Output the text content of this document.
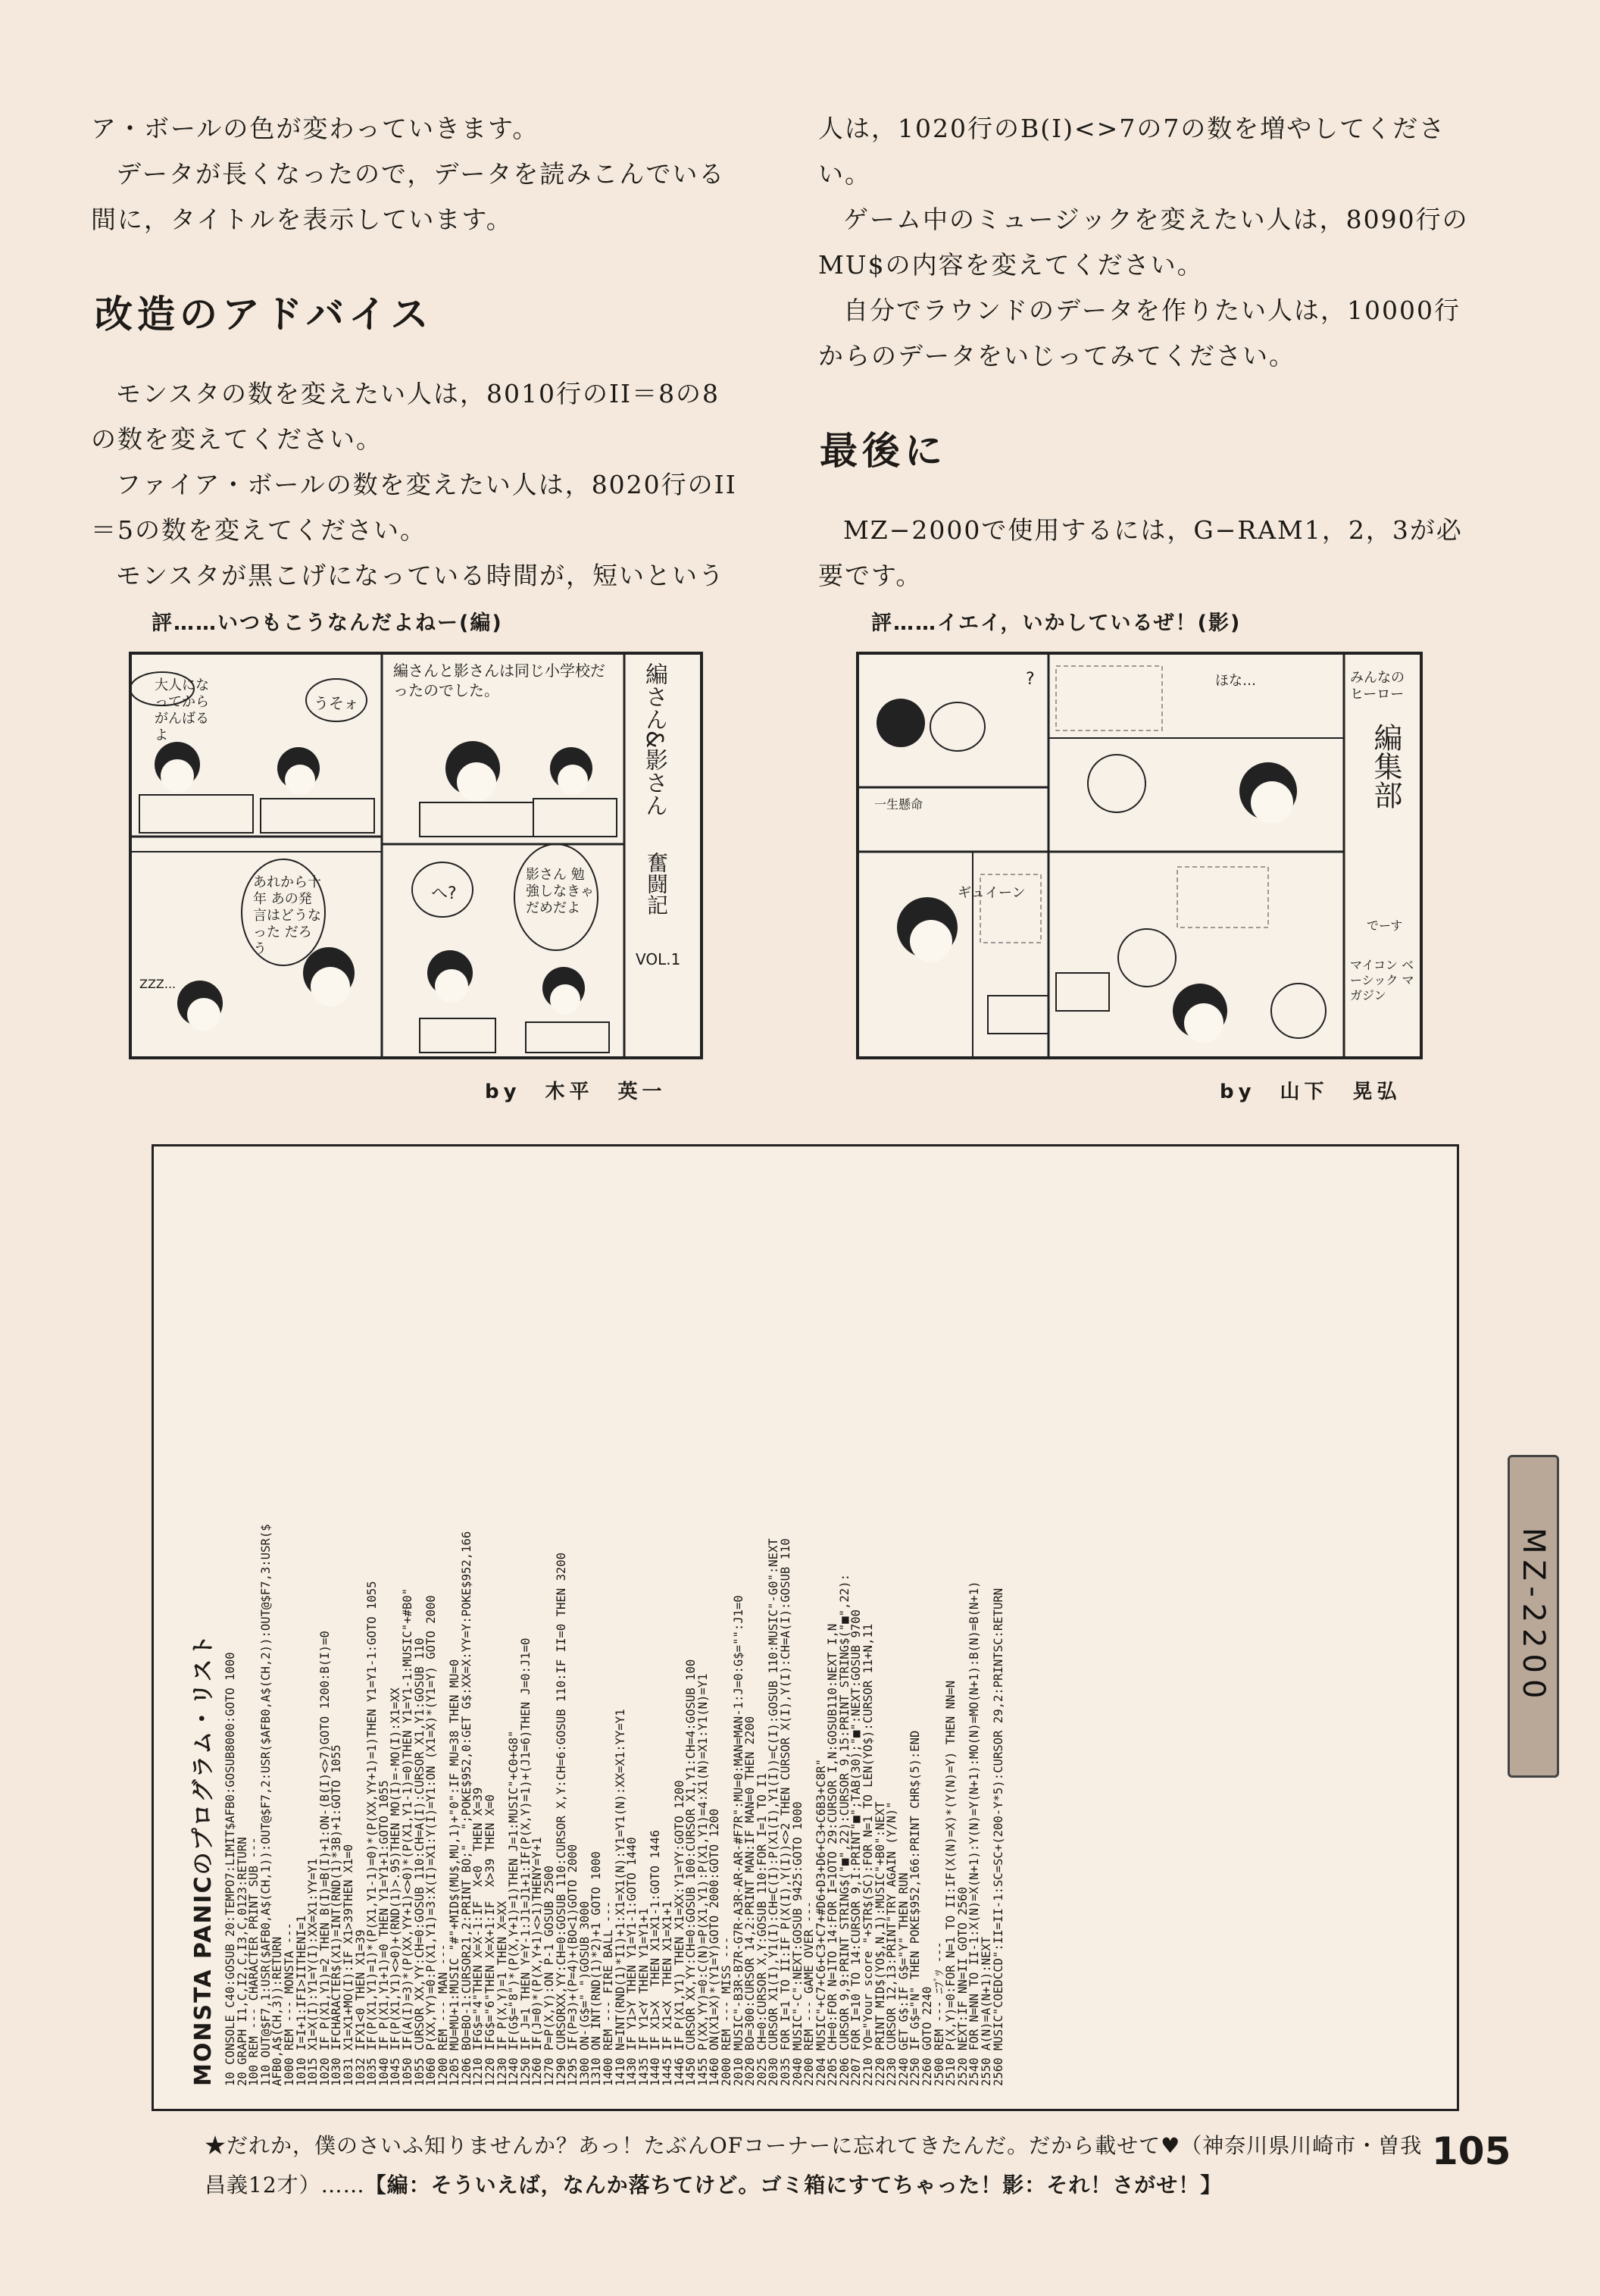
ア・ボールの色が変わっていきます。

データが長くなったので，データを読みこんでいる間に，タイトルを表示しています。

改造のアドバイス

モンスタの数を変えたい人は，8010行のII＝8の8の数を変えてください。

ファイア・ボールの数を変えたい人は，8020行のII＝5の数を変えてください。

モンスタが黒こげになっている時間が，短いという

人は，1020行のB(I)<>7の7の数を増やしてください。

ゲーム中のミュージックを変えたい人は，8090行のMU$の内容を変えてください。

自分でラウンドのデータを作りたい人は，10000行からのデータをいじってみてください。

最後に

MZ−2000で使用するには，G−RAM1，2，3が必要です。

評……いつもこうなんだよねー(編)	評……イエイ，いかしているぜ！(影)
大人になってからがんばるよ
うそォ
編さんと影さんは同じ小学校だったのでした。
あれから十年 あの発言はどうなった だろう
ZZZ...
へ?
影さん 勉強しなきゃ だめだよ
編さん&影さん
奮闘記
VOL.1
by　木平　英一
ほな…
?
一生懸命
ギュイーン
みんなの ヒーロー
編集部
でーす
マイコン ベーシック マガジン
by　山下　晃弘
MONSTA PANICのプログラム・リスト 10 CONSOLE C40:GOSUB 20:TEMPO7:LIMIT$AFB0:GOSUB8000:GOTO 1000
20 GRAPH I1,C,I2,C,I3,C,0123:RETURN
100 REM --- CHARACTER PRINT SUB ---
110 OUT@$F7,1:USR($AFB0,A$(CH,1)):OUT@$F7,2:USR($AFB0,A$(CH,2)):OUT@$F7,3:USR($
AFB0,A$(CH,3)):RETURN
1000 REM --- MONSTA ---
1010 I=I+1:IFI>IITHENI=1
1015 X1=X(I):Y1=Y(I):XX=X1:YY=Y1
1020 IF P(X1,Y1)=2 THEN B(I)=B(I)+1:ON-(B(I)<>7)GOTO 1200:B(I)=0
1030 IFCHARACTER$(X1)=INT(RND(1)*3B)+1:GOTO 1055
1031 X1=X1+MO(I):IF X1>39THEN X1=0
1032 IFX1<0 THEN X1=39
1035 IF(P(X1,Y1)=1)*(P(X1,Y1-1)=0)*(P(XX,YY+1)=1)THEN Y1=Y1-1:GOTO 1055
1040 IF P(X1,Y1+1)=0 THEN Y1=Y1+1:GOTO 1055
1045 IF(P(X1,Y1)<>0)+(RND(1)>.95)THEN MO(I)=-MO(I):X1=XX
1050 IF(A(I)=3)*(P(XX,YY+1)<>0)*(P(X1,Y1-1)=0)THEN Y1=Y1-1:MUSIC"+#B0"
1055 CURSOR XX,YY:CH=0:GOSUB 110:CH=A(I):CURSOR X1,Y1:GOSUB 110
1060 P(XX,YY)=0:P(X1,Y1)=3:X(I)=X1:Y(I)=Y1:ON (X1=X)*(Y1=Y) GOTO 2000
1200 REM --- MAN ---
1205 MU=MU+1:MUSIC "#"+MID$(MU$,MU,1)+"0":IF MU=38 THEN MU=0
1206 BO=BO-1:CURSOR21,2:PRINT BO;"  ";POKE$952,0:GET G$:XX=X:YY=Y:POKE$952,166
1210 IFG$="4"THEN X=X-1:IF  X<0  THEN X=39
1220 IFG$="6"THEN X=X+1:IF  X>39 THEN X=0
1230 IF P(X,Y)=1 THEN X=XX
1240 IF(G$="8")*(P(X,Y+1)=1)THEN J=1:MUSIC"+C0+G8"
1250 IF J=1 THEN Y=Y-1:J1=J1+1:IF(P(X,Y)=1)+(J1=6)THEN J=0:J1=0
1260 IF(J=0)*(P(X,Y+1)<>1)THENY=Y+1
1270 P=P(X,Y):ON P-1 GOSUB 2500
1290 CURSORXX,YY:CH=0:GOSUB 110:CURSOR X,Y:CH=6:GOSUB 110:IF II=0 THEN 3200
1295 IF(P=3)+(P=4)+(BO<1)GOTO 2000
1300 ON-(G$=" ")GOSUB 3000
1310 ON INT(RND(1)*2)+1 GOTO 1000
1400 REM --- FIRE BALL ---
1410 N=INT(RND(1)*I1)+1:X1=X1(N):Y1=Y1(N):XX=X1:YY=Y1
1430 IF Y1>Y THEN Y1=Y1-1:GOTO 1440
1435 IF Y1<Y THEN Y1=Y1+1
1440 IF X1>X  THEN X1=X1-1:GOTO 1446
1445 IF X1<X  THEN X1=X1+1
1446 IF P(X1,Y1) THEN X1=XX:Y1=YY:GOTO 1200
1450 CURSOR XX,YY:CH=0:GOSUB 100:CURSOR X1,Y1:CH=4:GOSUB 100
1455 P(XX,YY)=0:C(N)=P(X1,Y1):P(X1,Y1)=4:X1(N)=X1:Y1(N)=Y1
1460 ON(X1=X)*(Y1=Y)GOTO 2000:GOTO 1200
2000 REM --- MISS ---
2010 MUSIC"-B3R-B7R-G7R-A3R-AR-AR-#F7R":MU=0:MAN=MAN-1:J=0:G$="":J1=0
2020 BO=300:CURSOR 14,2:PRINT MAN:IF MAN=0 THEN 2200
2025 CH=0:CURSOR X,Y:GOSUB 110:FOR I=1 TO I1
2030 CURSOR X1(I),Y1(I):CH=C(I):P(X1(I),Y1(I))=C(I):GOSUB 110:MUSIC"-G0":NEXT
2035 FOR I=1 TO II:IF P(X(I),Y(I))<>2 THEN CURSOR X(I),Y(I):CH=A(I):GOSUB 110
2040 MUSIC"-C":NEXT:GOSUB 9425:GOTO 1000
2200 REM --- GAME OVER ---
2204 MUSIC"+C7+C6+C3+C7+#D6+D3+D6+C3+C6B3+C8R"
2205 CH=0:FOR N=1TO 14:FOR I=1OTO 29:CURSOR I,N:GOSUB110:NEXT I,N
2206 CURSOR 9,9:PRINT STRING$("■",22):CURSOR 9,15:PRINT STRING$("■",22):
2207 FOR I=10 TO 14:CURSOR 9,I:PRINT"■";TAB(30);"■":NEXT:GOSUB 9700
2210 YO="Your score "+STR$(SC):FOR N=1 TO LEN(YO$):CURSOR 11+N,11
2220 PRINT MID$(YO$,N,1):MUSIC"+B0":NEXT
2230 CURSOR 12,13:PRINT"TRY AGAIN (Y/N)"
2240 GET G$:IF G$="Y" THEN RUN
2250 IF G$="N" THEN POKE$952,166:PRINT CHR$(5):END
2260 GOTO 2240
2500 REM --- ﾆﾌﾞﾂ ---
2510 P(X,Y)=0:FOR N=1 TO II:IF(X(N)=X)*(Y(N)=Y) THEN NN=N
2520 NEXT:IF NN=II GOTO 2560
2540 FOR N=NN TO II-1:X(N)=X(N+1):Y(N)=Y(N+1):MO(N)=MO(N+1):B(N)=B(N+1)
2550 A(N)=A(N+1):NEXT
2560 MUSIC"COEDCCD":II=II-1:SC=SC+(200-Y*5):CURSOR 29,2:PRINTSC:RETURN	MZ-2200
★だれか，僕のさいふ知りませんか？あっ！たぶんOFコーナーに忘れてきたんだ。だから載せて♥（神奈川県川崎市・曽我昌義12才）……【編：そういえば，なんか落ちてけど。ゴミ箱にすてちゃった！影：それ！さがせ！】
105
